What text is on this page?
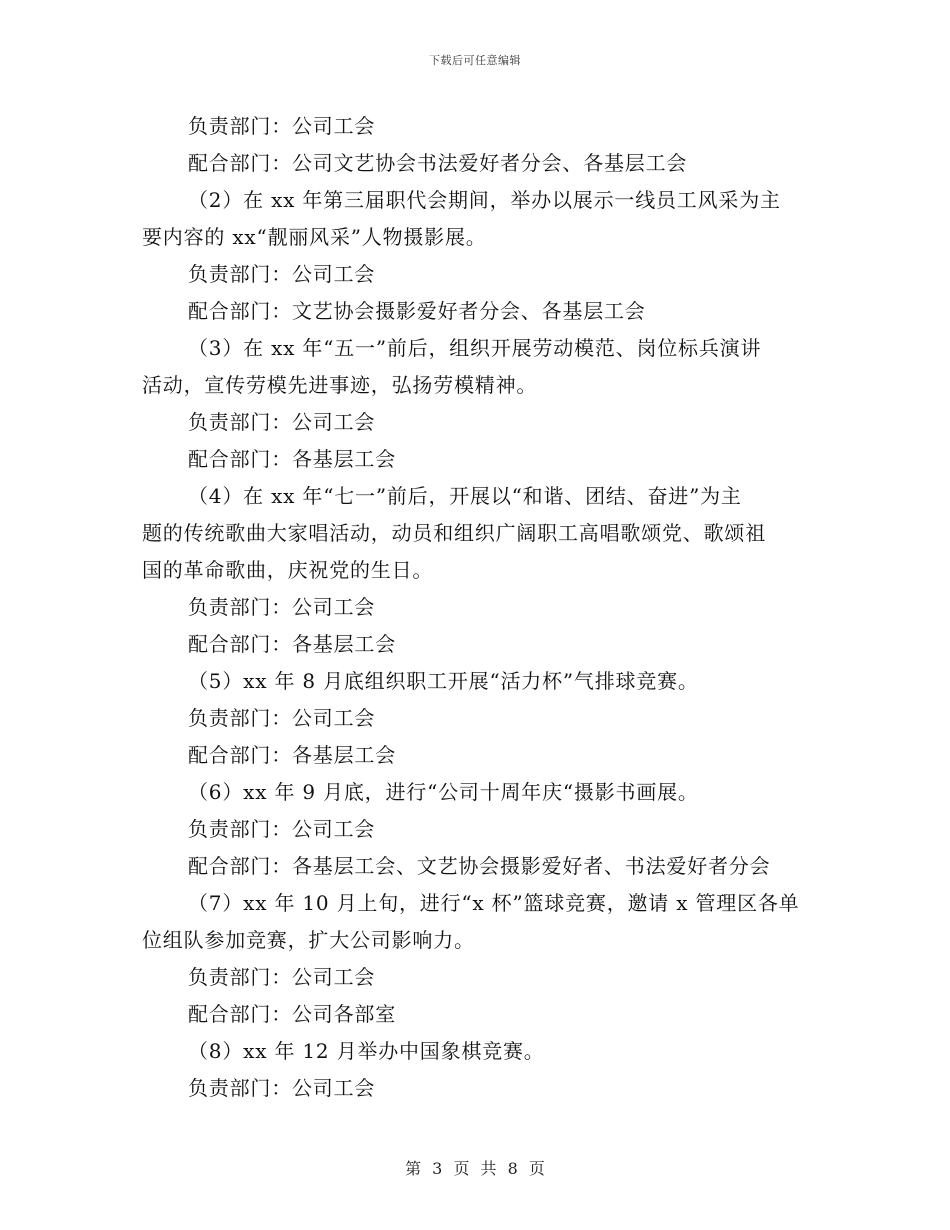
下载后可任意编辑
负责部门：公司工会
配合部门：公司文艺协会书法爱好者分会、各基层工会
（2）在 xx 年第三届职代会期间，举办以展示一线员工风采为主
要内容的 xx“靓丽风采”人物摄影展。
负责部门：公司工会
配合部门：文艺协会摄影爱好者分会、各基层工会
（3）在 xx 年“五一”前后，组织开展劳动模范、岗位标兵演讲
活动，宣传劳模先进事迹，弘扬劳模精神。
负责部门：公司工会
配合部门：各基层工会
（4）在 xx 年“七一”前后，开展以“和谐、团结、奋进”为主
题的传统歌曲大家唱活动，动员和组织广阔职工高唱歌颂党、歌颂祖
国的革命歌曲，庆祝党的生日。
负责部门：公司工会
配合部门：各基层工会
（5）xx 年 8 月底组织职工开展“活力杯”气排球竞赛。
负责部门：公司工会
配合部门：各基层工会
（6）xx 年 9 月底，进行“公司十周年庆“摄影书画展。
负责部门：公司工会
配合部门：各基层工会、文艺协会摄影爱好者、书法爱好者分会
（7）xx 年 10 月上旬，进行“x 杯”篮球竞赛，邀请 x 管理区各单
位组队参加竞赛，扩大公司影响力。
负责部门：公司工会
配合部门：公司各部室
（8）xx 年 12 月举办中国象棋竞赛。
负责部门：公司工会
第 3 页 共 8 页
